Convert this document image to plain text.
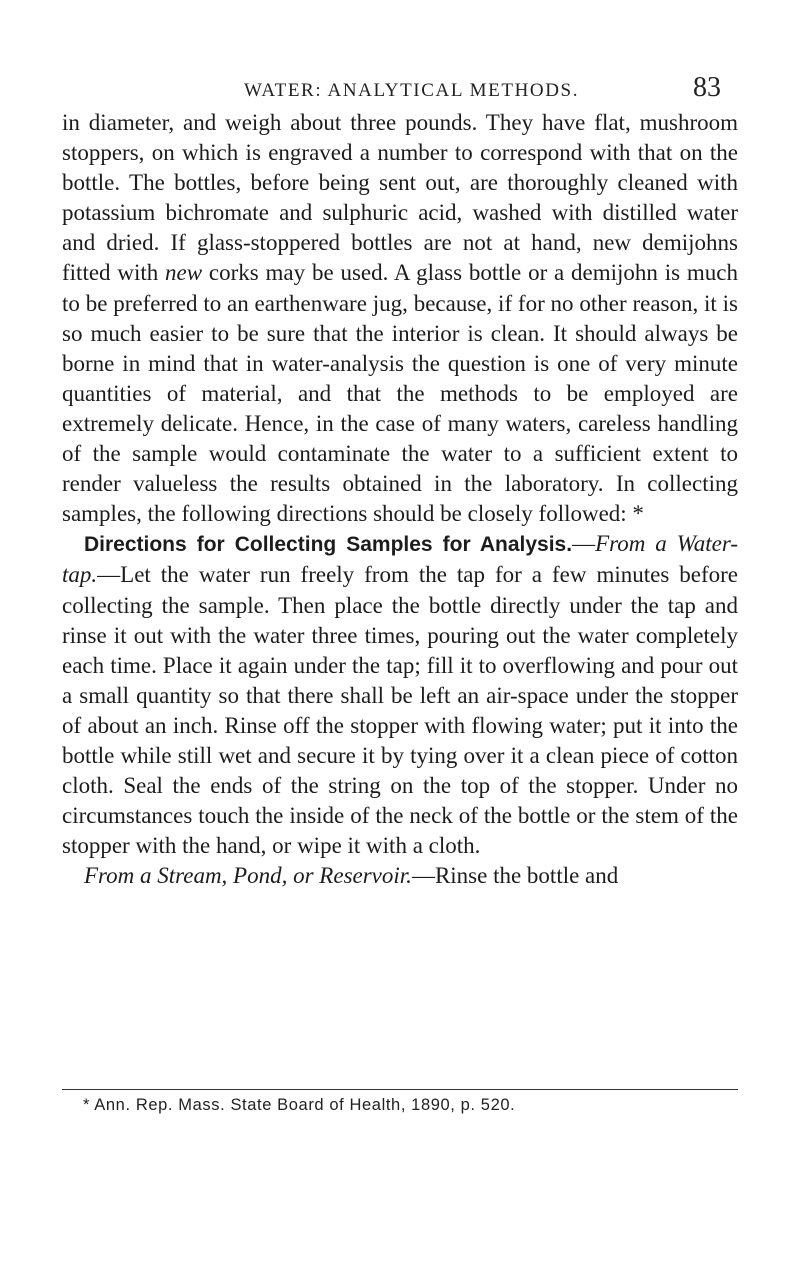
WATER: ANALYTICAL METHODS.	83

in diameter, and weigh about three pounds. They have flat, mushroom stoppers, on which is engraved a number to correspond with that on the bottle. The bottles, before being sent out, are thoroughly cleaned with potassium bichromate and sulphuric acid, washed with distilled water and dried. If glass-stoppered bottles are not at hand, new demijohns fitted with new corks may be used. A glass bottle or a demijohn is much to be preferred to an earthenware jug, because, if for no other reason, it is so much easier to be sure that the interior is clean. It should always be borne in mind that in water-analysis the question is one of very minute quantities of material, and that the methods to be employed are extremely delicate. Hence, in the case of many waters, careless handling of the sample would contaminate the water to a sufficient extent to render valueless the results obtained in the laboratory. In collecting samples, the following directions should be closely followed: *

Directions for Collecting Samples for Analysis.—From a Water-tap.—Let the water run freely from the tap for a few minutes before collecting the sample. Then place the bottle directly under the tap and rinse it out with the water three times, pouring out the water completely each time. Place it again under the tap; fill it to overflowing and pour out a small quantity so that there shall be left an air-space under the stopper of about an inch. Rinse off the stopper with flowing water; put it into the bottle while still wet and secure it by tying over it a clean piece of cotton cloth. Seal the ends of the string on the top of the stopper. Under no circumstances touch the inside of the neck of the bottle or the stem of the stopper with the hand, or wipe it with a cloth.

From a Stream, Pond, or Reservoir.—Rinse the bottle and

* Ann. Rep. Mass. State Board of Health, 1890, p. 520.
